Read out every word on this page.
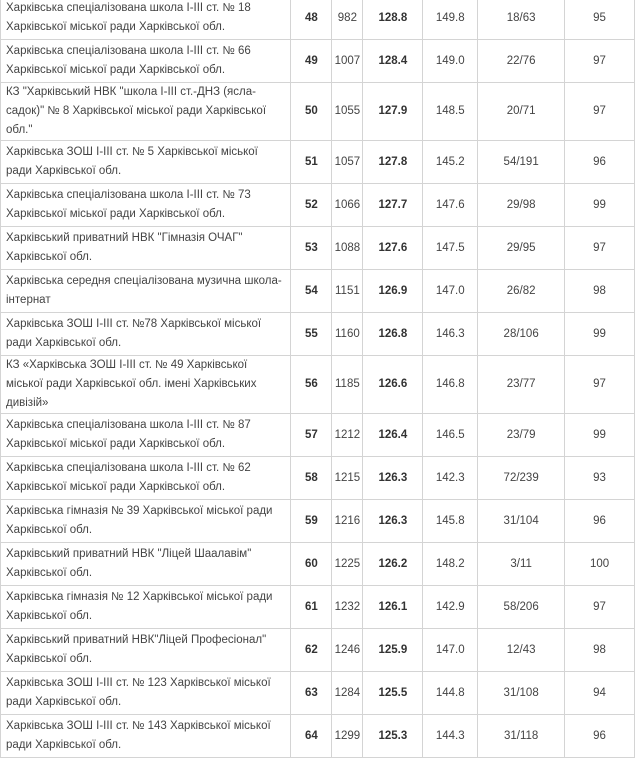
Харківська спеціалізована школа І-ІІІ ст. № 18 Харківської міської ради Харківської обл.	48	982	128.8	149.8	18/63	95
Харківська спеціалізована школа І-ІІІ ст. № 66 Харківської міської ради Харківської обл.	49	1007	128.4	149.0	22/76	97
КЗ "Харківський НВК "школа І-ІІІ ст.-ДНЗ (ясла-садок)" № 8 Харківської міської ради Харківської обл."	50	1055	127.9	148.5	20/71	97
Харківська ЗОШ І-ІІІ ст. № 5 Харківської міської ради Харківської обл.	51	1057	127.8	145.2	54/191	96
Харківська спеціалізована школа І-ІІІ ст. № 73 Харківської міської ради Харківської обл.	52	1066	127.7	147.6	29/98	99
Харківський приватний НВК "Гімназія ОЧАГ" Харківської обл.	53	1088	127.6	147.5	29/95	97
Харківська середня спеціалізована музична школа-інтернат	54	1151	126.9	147.0	26/82	98
Харківська ЗОШ І-ІІІ ст. №78 Харківської міської ради Харківської обл.	55	1160	126.8	146.3	28/106	99
КЗ «Харківська ЗОШ І-ІІІ ст. № 49 Харківської міської ради Харківської обл. імені Харківських дивізій»	56	1185	126.6	146.8	23/77	97
Харківська спеціалізована школа І-ІІІ ст. № 87 Харківської міської ради Харківської обл.	57	1212	126.4	146.5	23/79	99
Харківська спеціалізована школа І-ІІІ ст. № 62 Харківської міської ради Харківської обл.	58	1215	126.3	142.3	72/239	93
Харківська гімназія № 39 Харківської міської ради Харківської обл.	59	1216	126.3	145.8	31/104	96
Харківський приватний НВК "Ліцей Шаалавім" Харківської обл.	60	1225	126.2	148.2	3/11	100
Харківська гімназія № 12 Харківської міської ради Харківської обл.	61	1232	126.1	142.9	58/206	97
Харківський приватний НВК"Ліцей Професіонал" Харківської обл.	62	1246	125.9	147.0	12/43	98
Харківська ЗОШ І-ІІІ ст. № 123 Харківської міської ради Харківської обл.	63	1284	125.5	144.8	31/108	94
Харківська ЗОШ І-ІІІ ст. № 143 Харківської міської ради Харківської обл.	64	1299	125.3	144.3	31/118	96
